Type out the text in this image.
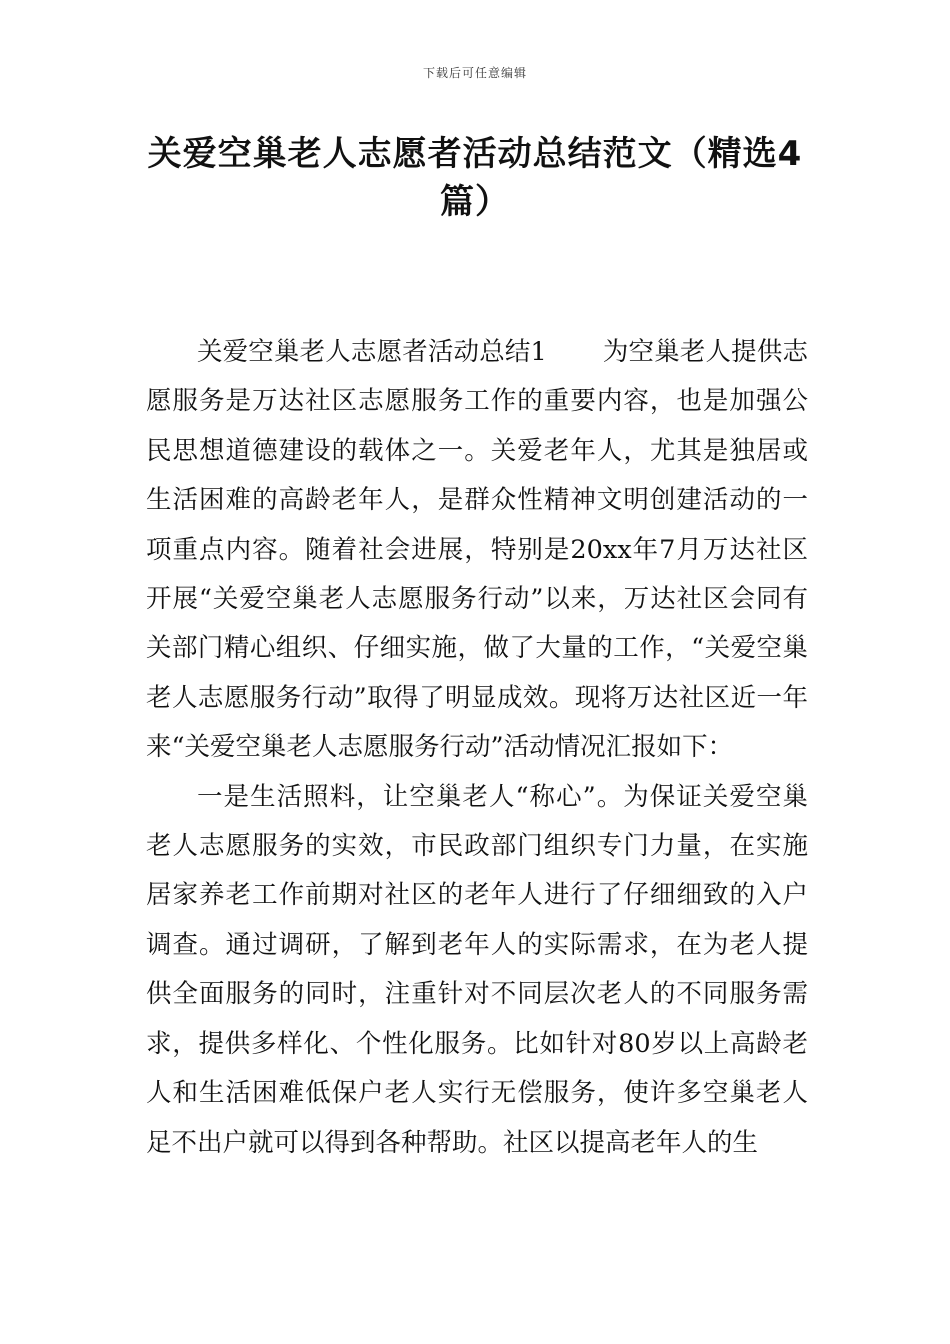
下载后可任意编辑
关爱空巢老人志愿者活动总结范文（精选4篇）

关爱空巢老人志愿者活动总结1 为空巢老人提供志愿服务是万达社区志愿服务工作的重要内容，也是加强公民思想道德建设的载体之一。关爱老年人，尤其是独居或生活困难的高龄老年人，是群众性精神文明创建活动的一项重点内容。随着社会进展，特别是20xx年7月万达社区开展“关爱空巢老人志愿服务行动”以来，万达社区会同有关部门精心组织、仔细实施，做了大量的工作，“关爱空巢老人志愿服务行动”取得了明显成效。现将万达社区近一年来“关爱空巢老人志愿服务行动”活动情况汇报如下：

一是生活照料，让空巢老人“称心”。为保证关爱空巢老人志愿服务的实效，市民政部门组织专门力量，在实施居家养老工作前期对社区的老年人进行了仔细细致的入户调查。通过调研，了解到老年人的实际需求，在为老人提供全面服务的同时，注重针对不同层次老人的不同服务需求，提供多样化、个性化服务。比如针对80岁以上高龄老人和生活困难低保户老人实行无偿服务，使许多空巢老人足不出户就可以得到各种帮助。社区以提高老年人的生
